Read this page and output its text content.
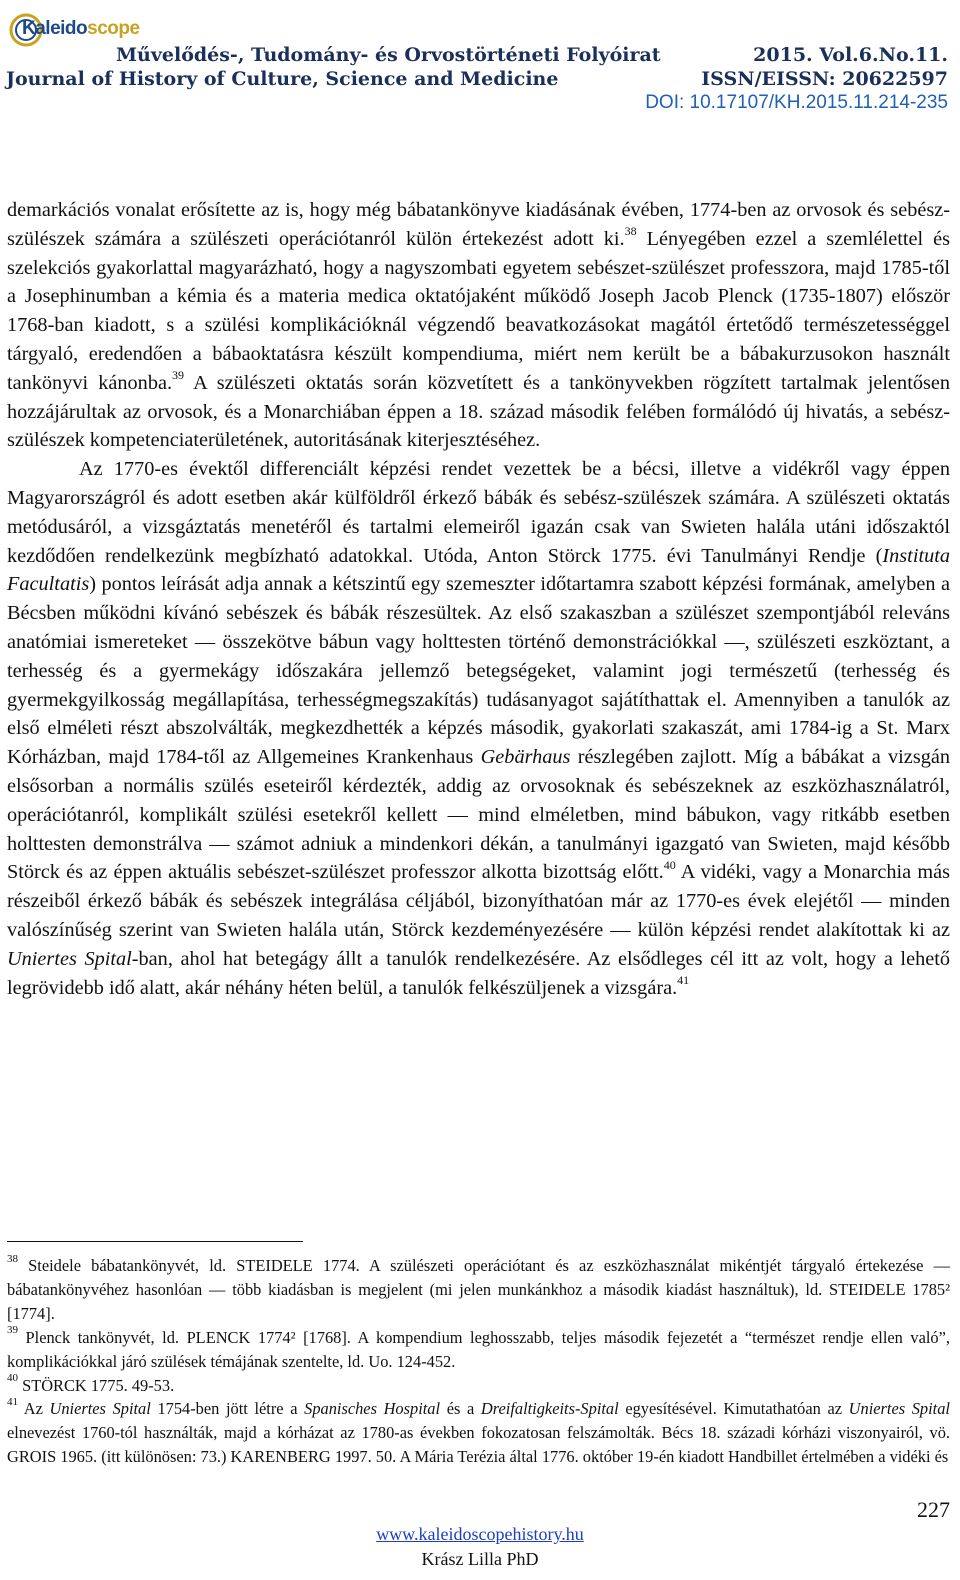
Kaleidoscope
Művelődés-, Tudomány- és Orvostörténeti Folyóirat
Journal of History of Culture, Science and Medicine
2015. Vol.6.No.11.
ISSN/EISSN: 20622597
DOI: 10.17107/KH.2015.11.214-235

demarkációs vonalat erősítette az is, hogy még bábatankönyve kiadásának évében, 1774-ben az orvosok és sebész-szülészek számára a szülészeti operációtanról külön értekezést adott ki.$^{38}$ Lényegében ezzel a szemlélettel és szelekciós gyakorlattal magyarázható, hogy a nagyszombati egyetem sebészet-szülészet professzora, majd 1785-től a Josephinumban a kémia és a materia medica oktatójaként működő Joseph Jacob Plenck (1735-1807) először 1768-ban kiadott, s a szülési komplikációknál végzendő beavatkozásokat magától értetődő természetességgel tárgyaló, eredendően a bábaoktatásra készült kompendiuma, miért nem került be a bábakurzusokon használt tankönyvi kánonba.$^{39}$ A szülészeti oktatás során közvetített és a tankönyvekben rögzített tartalmak jelentősen hozzájárultak az orvosok, és a Monarchiában éppen a 18. század második felében formálódó új hivatás, a sebész-szülészek kompetenciaterületének, autoritásának kiterjesztéséhez.

Az 1770-es évektől differenciált képzési rendet vezettek be a bécsi, illetve a vidékről vagy éppen Magyarországról és adott esetben akár külföldről érkező bábák és sebész-szülészek számára. A szülészeti oktatás metódusáról, a vizsgáztatás menetéről és tartalmi elemeiről igazán csak van Swieten halála utáni időszaktól kezdődően rendelkezünk megbízható adatokkal. Utóda, Anton Störck 1775. évi Tanulmányi Rendje (Instituta Facultatis) pontos leírását adja annak a kétszintű egy szemeszter időtartamra szabott képzési formának, amelyben a Bécsben működni kívánó sebészek és bábák részesültek. Az első szakaszban a szülészet szempontjából releváns anatómiai ismereteket — összekötve bábun vagy holttesten történő demonstrációkkal —, szülészeti eszköztant, a terhesség és a gyermekágy időszakára jellemző betegségeket, valamint jogi természetű (terhesség és gyermekgyilkosság megállapítása, terhességmegszakítás) tudásanyagot sajátíthattak el. Amennyiben a tanulók az első elméleti részt abszolválták, megkezdhették a képzés második, gyakorlati szakaszát, ami 1784-ig a St. Marx Kórházban, majd 1784-től az Allgemeines Krankenhaus Gebärhaus részlegében zajlott. Míg a bábákat a vizsgán elsősorban a normális szülés eseteiről kérdezték, addig az orvosoknak és sebészeknek az eszközhasználatról, operációtanról, komplikált szülési esetekről kellett — mind elméletben, mind bábukon, vagy ritkább esetben holttesten demonstrálva — számot adniuk a mindenkori dékán, a tanulmányi igazgató van Swieten, majd később Störck és az éppen aktuális sebészet-szülészet professzor alkotta bizottság előtt.$^{40}$ A vidéki, vagy a Monarchia más részeiből érkező bábák és sebészek integrálása céljából, bizonyíthatóan már az 1770-es évek elejétől — minden valószínűség szerint van Swieten halála után, Störck kezdeményezésére — külön képzési rendet alakítottak ki az Uniertes Spital-ban, ahol hat betegágy állt a tanulók rendelkezésére. Az elsődleges cél itt az volt, hogy a lehető legrövidebb idő alatt, akár néhány héten belül, a tanulók felkészüljenek a vizsgára.$^{41}$

$^{38}$ Steidele bábatankönyvét, ld. STEIDELE 1774. A szülészeti operációtant és az eszközhasználat mikéntjét tárgyaló értekezése — bábatankönyvéhez hasonlóan — több kiadásban is megjelent (mi jelen munkánkhoz a második kiadást használtuk), ld. STEIDELE 1785² [1774].

$^{39}$ Plenck tankönyvét, ld. PLENCK 1774² [1768]. A kompendium leghosszabb, teljes második fejezetét a “természet rendje ellen való”, komplikációkkal járó szülések témájának szentelte, ld. Uo. 124-452.

$^{40}$ STÖRCK 1775. 49-53.

$^{41}$ Az Uniertes Spital 1754-ben jött létre a Spanisches Hospital és a Dreifaltigkeits-Spital egyesítésével. Kimutathatóan az Uniertes Spital elnevezést 1760-tól használták, majd a kórházat az 1780-as években fokozatosan felszámolták. Bécs 18. századi kórházi viszonyairól, vö. GROIS 1965. (itt különösen: 73.) KARENBERG 1997. 50. A Mária Terézia által 1776. október 19-én kiadott Handbillet értelmében a vidéki és

227
www.kaleidoscopehistory.hu
Krász Lilla PhD
